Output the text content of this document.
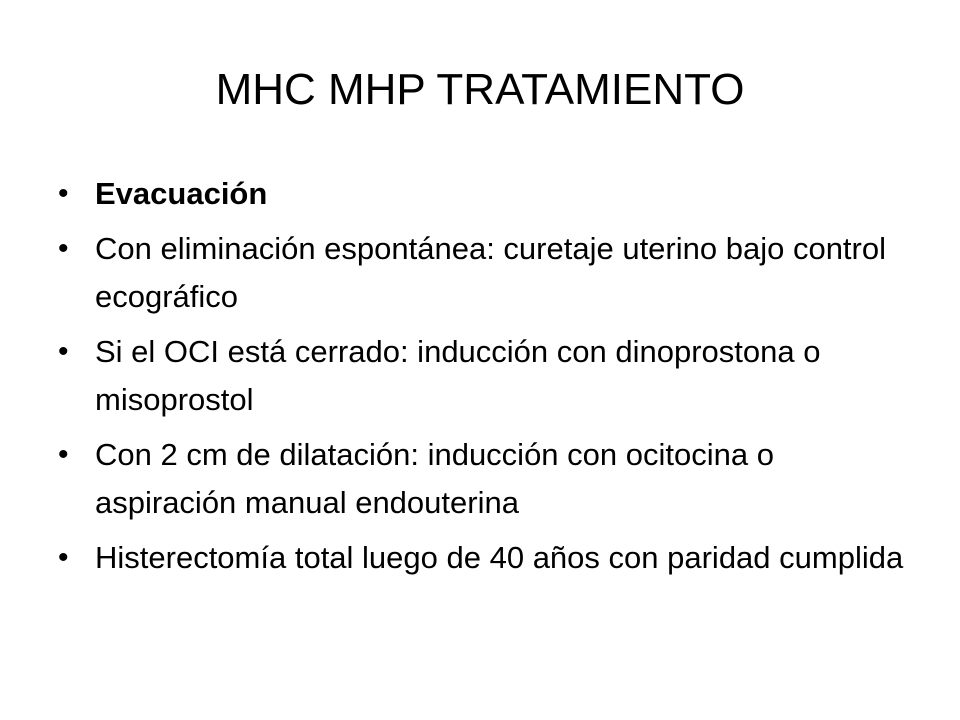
MHC MHP TRATAMIENTO
• Evacuación
• Con eliminación espontánea: curetaje uterino bajo control ecográfico
• Si el OCI está cerrado: inducción con dinoprostona o misoprostol
• Con 2 cm de dilatación: inducción con ocitocina o aspiración manual endouterina
• Histerectomía total luego de 40 años con paridad cumplida
